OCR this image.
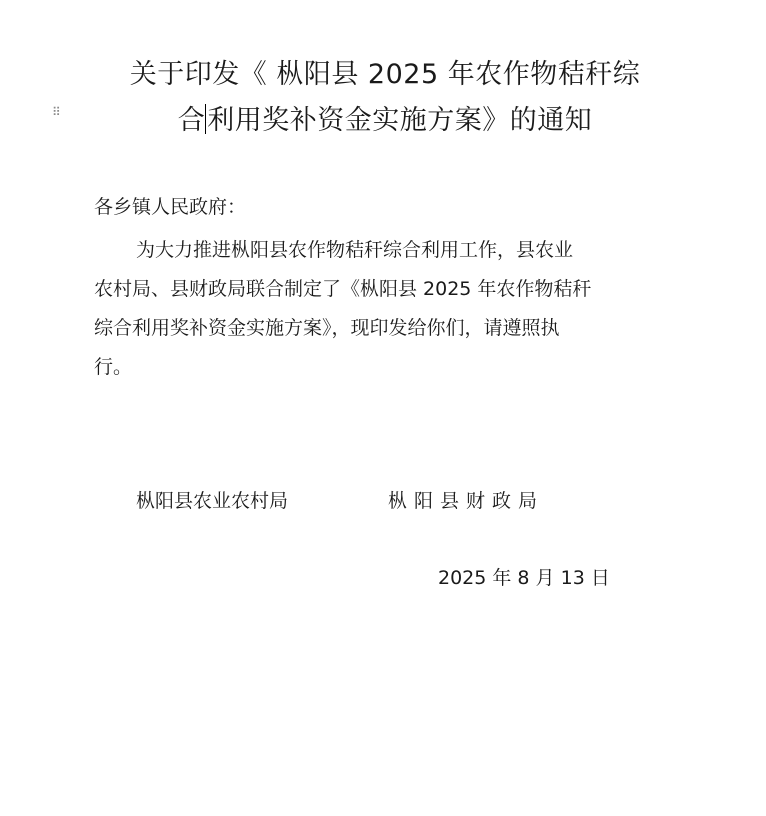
⠿
关于印发《 枞阳县 2025 年农作物秸秆综
合利用奖补资金实施方案》的通知
各乡镇人民政府：
为大力推进枞阳县农作物秸秆综合利用工作，县农业
农村局、县财政局联合制定了《枞阳县 2025 年农作物秸秆
综合利用奖补资金实施方案》，现印发给你们，请遵照执
行。
枞阳县农业农村局	枞阳县财政局
2025 年 8 月 13 日
